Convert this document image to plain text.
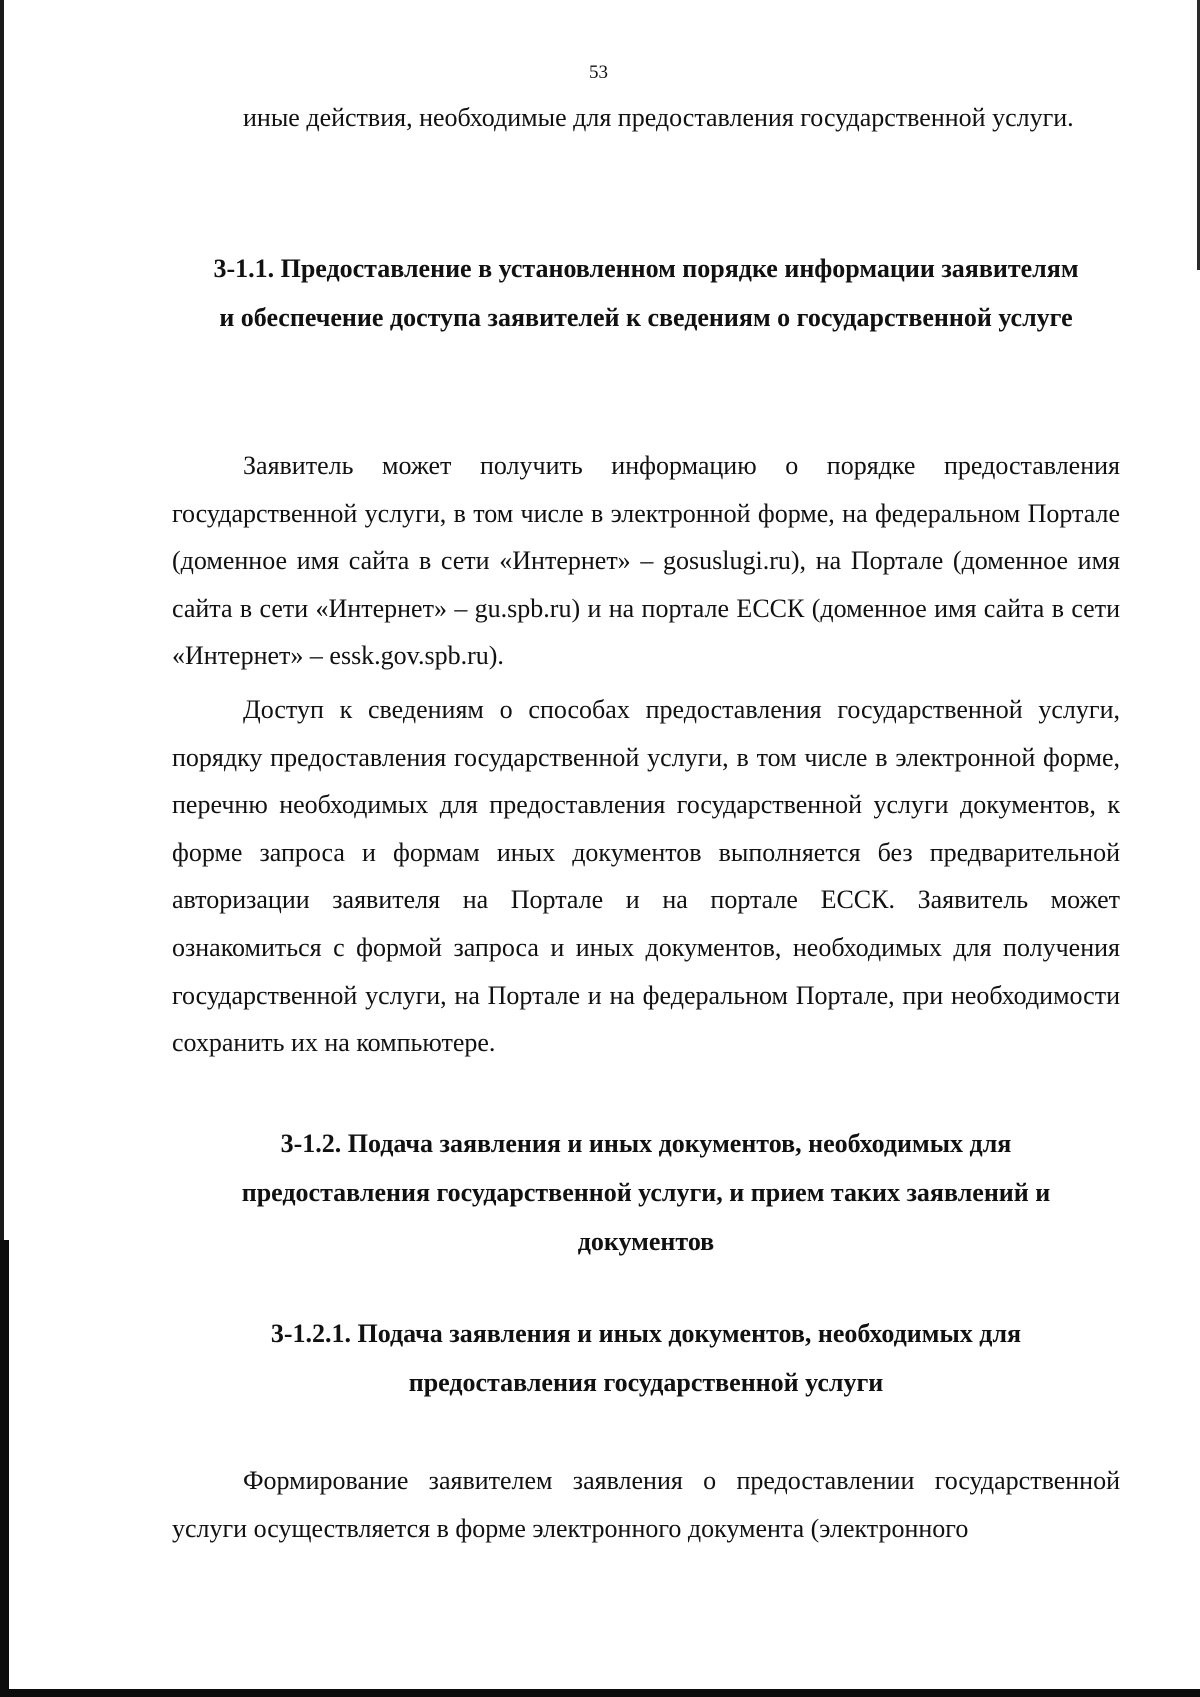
53

иные действия, необходимые для предоставления государственной услуги.

3-1.1. Предоставление в установленном порядке информации заявителям и обеспечение доступа заявителей к сведениям о государственной услуге

Заявитель может получить информацию о порядке предоставления государственной услуги, в том числе в электронной форме, на федеральном Портале (доменное имя сайта в сети «Интернет» – gosuslugi.ru), на Портале (доменное имя сайта в сети «Интернет» – gu.spb.ru) и на портале ЕССК (доменное имя сайта в сети «Интернет» – essk.gov.spb.ru).

Доступ к сведениям о способах предоставления государственной услуги, порядку предоставления государственной услуги, в том числе в электронной форме, перечню необходимых для предоставления государственной услуги документов, к форме запроса и формам иных документов выполняется без предварительной авторизации заявителя на Портале и на портале ЕССК. Заявитель может ознакомиться с формой запроса и иных документов, необходимых для получения государственной услуги, на Портале и на федеральном Портале, при необходимости сохранить их на компьютере.

3-1.2. Подача заявления и иных документов, необходимых для предоставления государственной услуги, и прием таких заявлений и документов
3-1.2.1. Подача заявления и иных документов, необходимых для предоставления государственной услуги

Формирование заявителем заявления о предоставлении государственной услуги осуществляется в форме электронного документа (электронного
